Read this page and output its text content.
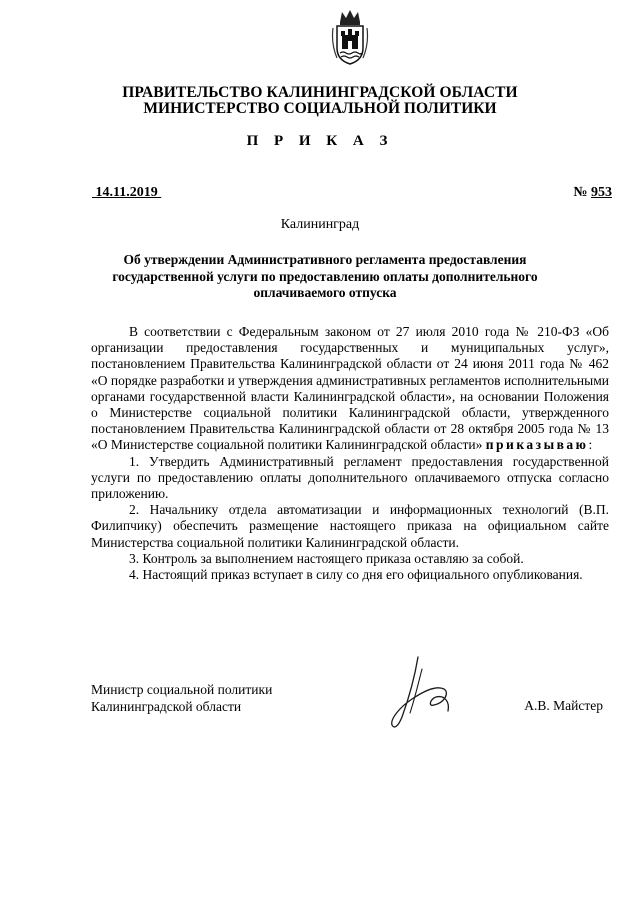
ПРАВИТЕЛЬСТВО КАЛИНИНГРАДСКОЙ ОБЛАСТИ
МИНИСТЕРСТВО СОЦИАЛЬНОЙ ПОЛИТИКИ
П Р И К А З
14.11.2019	№ 953
Калининград
Об утверждении Административного регламента предоставления государственной услуги по предоставлению оплаты дополнительного оплачиваемого отпуска

В соответствии с Федеральным законом от 27 июля 2010 года № 210-ФЗ «Об организации предоставления государственных и муниципальных услуг», постановлением Правительства Калининградской области от 24 июня 2011 года № 462 «О порядке разработки и утверждения административных регламентов исполнительными органами государственной власти Калининградской области», на основании Положения о Министерстве социальной политики Калининградской области, утвержденного постановлением Правительства Калининградской области от 28 октября 2005 года № 13 «О Министерстве социальной политики Калининградской области» приказываю:

1. Утвердить Административный регламент предоставления государственной услуги по предоставлению оплаты дополнительного оплачиваемого отпуска согласно приложению.

2. Начальнику отдела автоматизации и информационных технологий (В.П. Филипчику) обеспечить размещение настоящего приказа на официальном сайте Министерства социальной политики Калининградской области.

3. Контроль за выполнением настоящего приказа оставляю за собой.

4. Настоящий приказ вступает в силу со дня его официального опубликования.

Министр социальной политики
Калининградской области	А.В. Майстер
